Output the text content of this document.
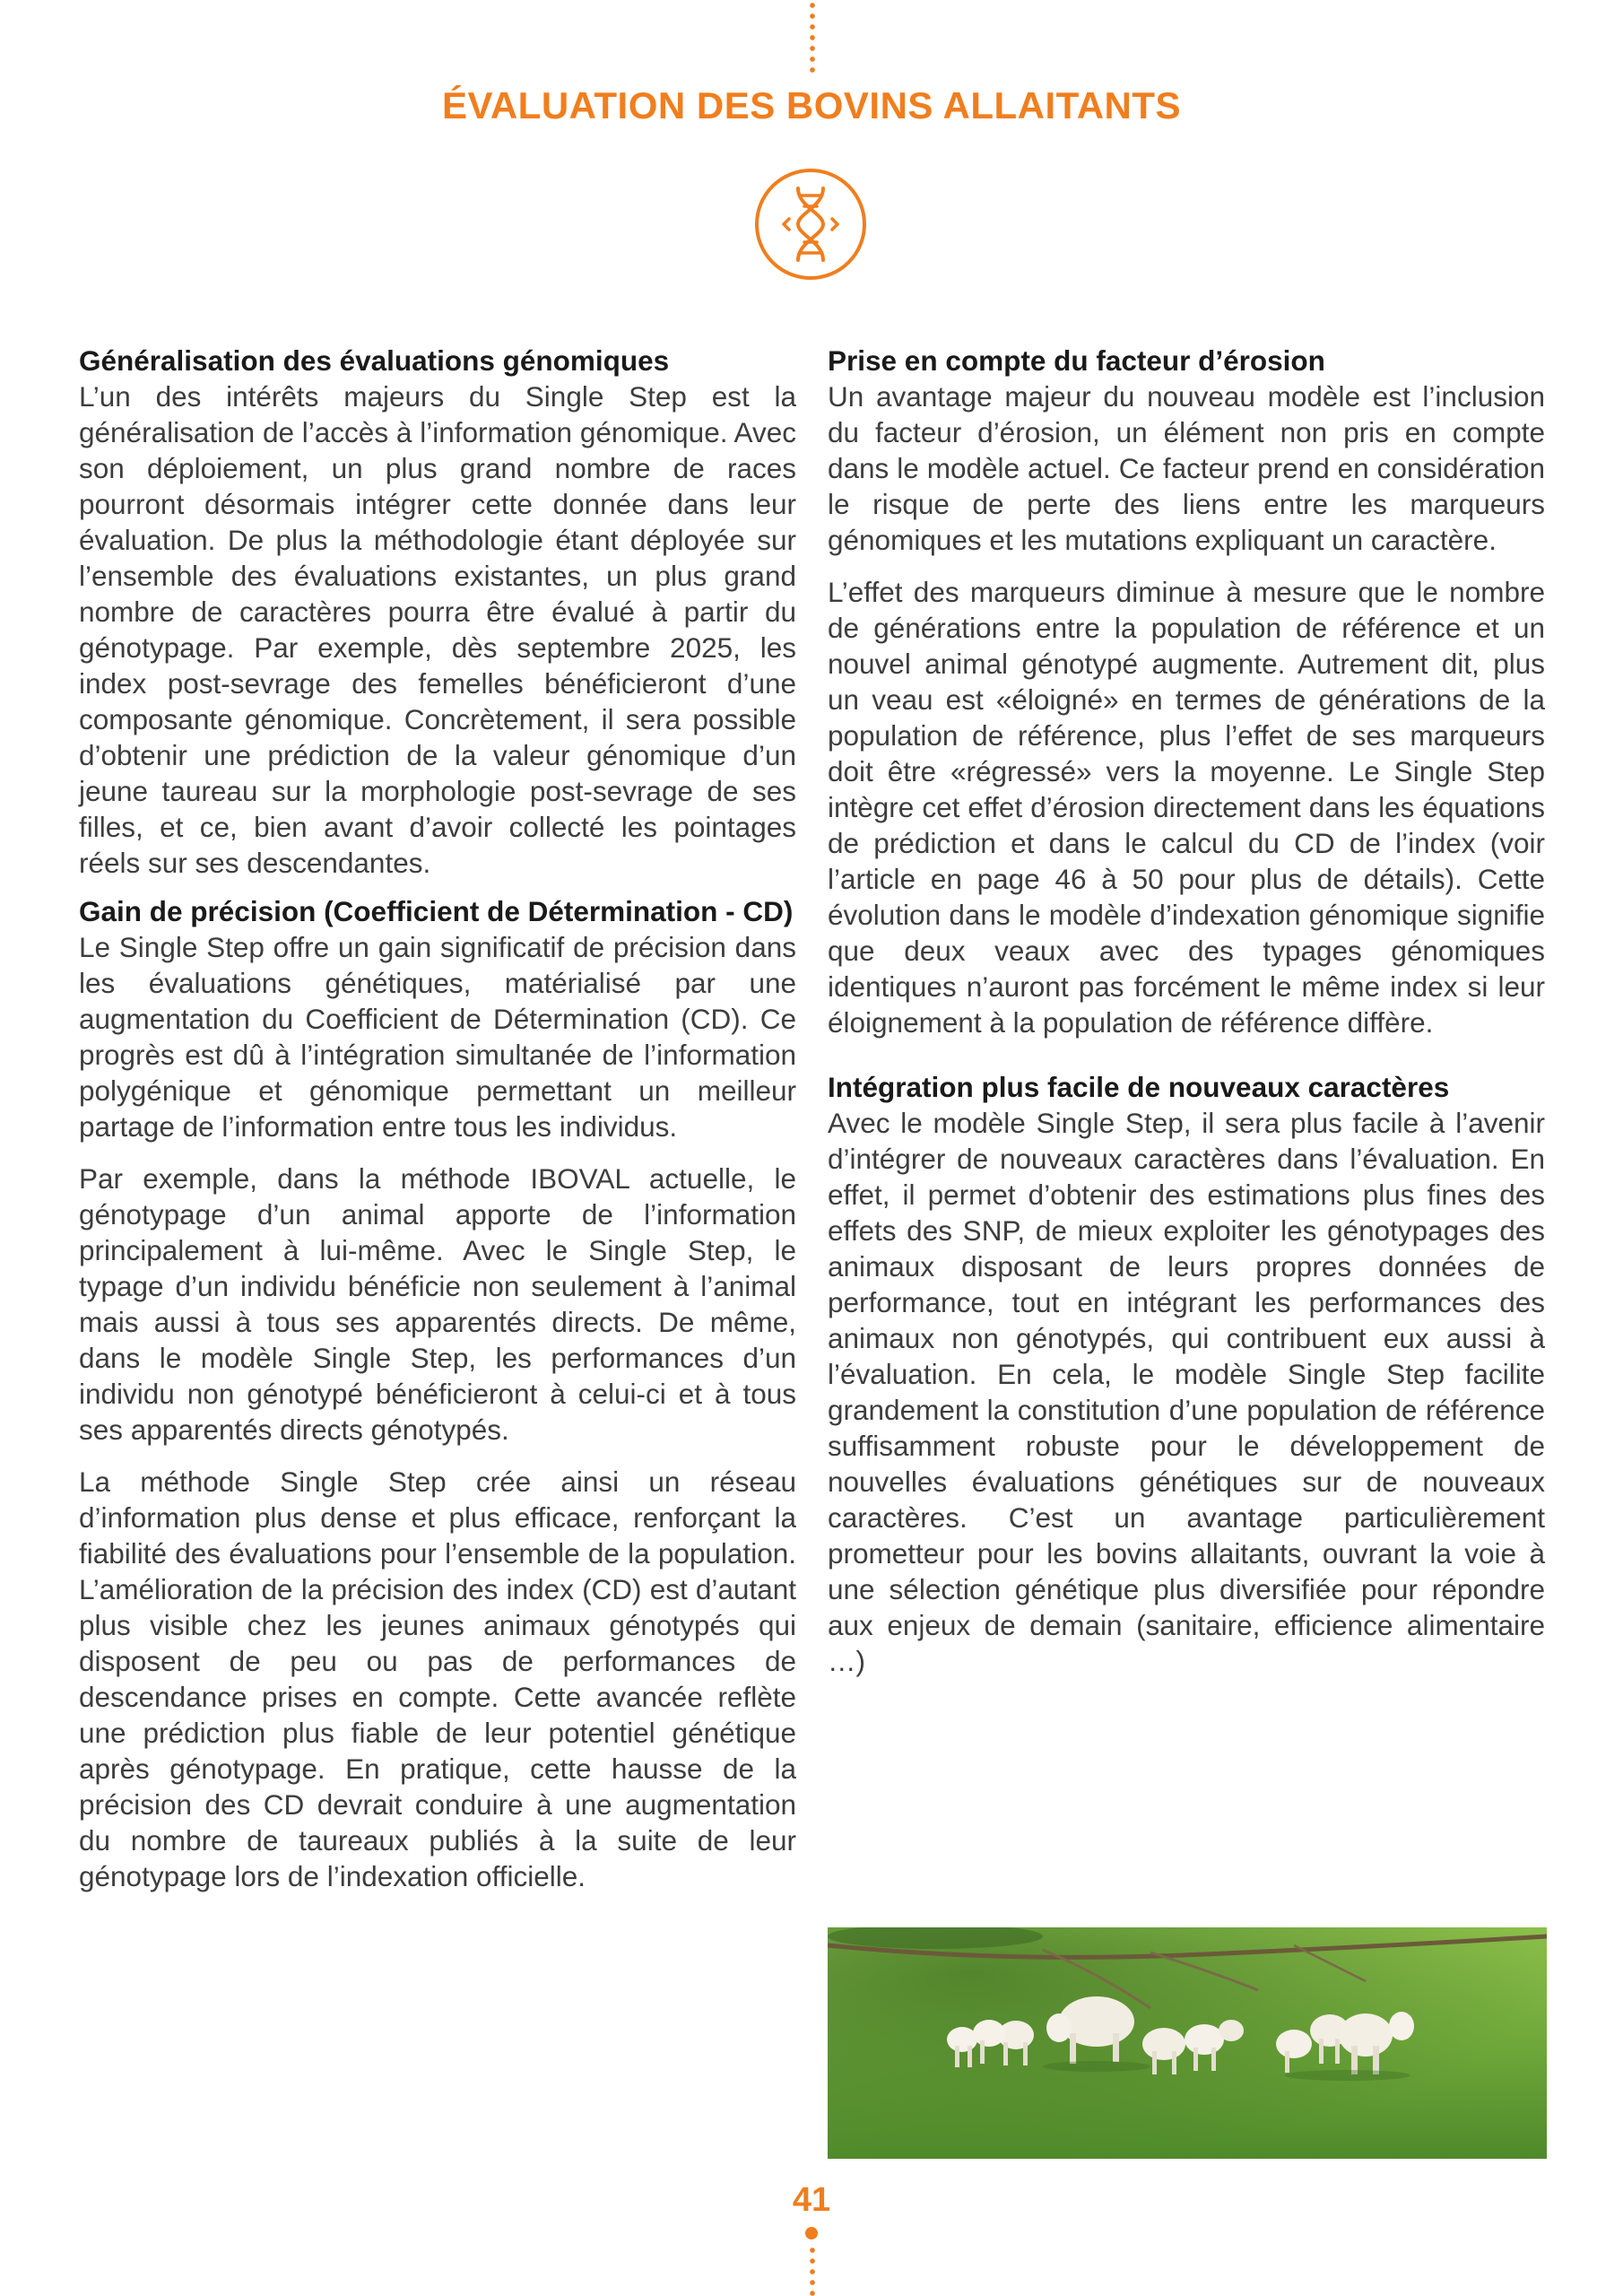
ÉVALUATION DES BOVINS ALLAITANTS
Généralisation des évaluations génomiques

L’un des intérêts majeurs du Single Step est la généralisation de l’accès à l’information génomique. Avec son déploiement, un plus grand nombre de races pourront désormais intégrer cette donnée dans leur évaluation. De plus la méthodologie étant déployée sur l’ensemble des évaluations existantes, un plus grand nombre de caractères pourra être évalué à partir du génotypage. Par exemple, dès septembre 2025, les index post-sevrage des femelles bénéficieront d’une composante génomique. Concrètement, il sera possible d’obtenir une prédiction de la valeur génomique d’un jeune taureau sur la morphologie post-sevrage de ses filles, et ce, bien avant d’avoir collecté les pointages réels sur ses descendantes.

Gain de précision (Coefficient de Détermination - CD)

Le Single Step offre un gain significatif de précision dans les évaluations génétiques, matérialisé par une augmentation du Coefficient de Détermination (CD). Ce progrès est dû à l’intégration simultanée de l’information polygénique et génomique permettant un meilleur partage de l’information entre tous les individus.

Par exemple, dans la méthode IBOVAL actuelle, le génotypage d’un animal apporte de l’information principalement à lui-même. Avec le Single Step, le typage d’un individu bénéficie non seulement à l’animal mais aussi à tous ses apparentés directs. De même, dans le modèle Single Step, les performances d’un individu non génotypé bénéficieront à celui-ci et à tous ses apparentés directs génotypés.

La méthode Single Step crée ainsi un réseau d’information plus dense et plus efficace, renforçant la fiabilité des évaluations pour l’ensemble de la population. L’amélioration de la précision des index (CD) est d’autant plus visible chez les jeunes animaux génotypés qui disposent de peu ou pas de performances de descendance prises en compte. Cette avancée reflète une prédiction plus fiable de leur potentiel génétique après génotypage. En pratique, cette hausse de la précision des CD devrait conduire à une augmentation du nombre de taureaux publiés à la suite de leur génotypage lors de l’indexation officielle.

Prise en compte du facteur d’érosion

Un avantage majeur du nouveau modèle est l’inclusion du facteur d’érosion, un élément non pris en compte dans le modèle actuel. Ce facteur prend en considération le risque de perte des liens entre les marqueurs génomiques et les mutations expliquant un caractère.

L’effet des marqueurs diminue à mesure que le nombre de générations entre la population de référence et un nouvel animal génotypé augmente. Autrement dit, plus un veau est «éloigné» en termes de générations de la population de référence, plus l’effet de ses marqueurs doit être «régressé» vers la moyenne. Le Single Step intègre cet effet d’érosion directement dans les équations de prédiction et dans le calcul du CD de l’index (voir l’article en page 46 à 50 pour plus de détails). Cette évolution dans le modèle d’indexation génomique signifie que deux veaux avec des typages génomiques identiques n’auront pas forcément le même index si leur éloignement à la population de référence diffère.

Intégration plus facile de nouveaux caractères

Avec le modèle Single Step, il sera plus facile à l’avenir d’intégrer de nouveaux caractères dans l’évaluation. En effet, il permet d’obtenir des estimations plus fines des effets des SNP, de mieux exploiter les génotypages des animaux disposant de leurs propres données de performance, tout en intégrant les performances des animaux non génotypés, qui contribuent eux aussi à l’évaluation. En cela, le modèle Single Step facilite grandement la constitution d’une population de référence suffisamment robuste pour le développement de nouvelles évaluations génétiques sur de nouveaux caractères. C’est un avantage particulièrement prometteur pour les bovins allaitants, ouvrant la voie à une sélection génétique plus diversifiée pour répondre aux enjeux de demain (sanitaire, efficience alimentaire …)

41
